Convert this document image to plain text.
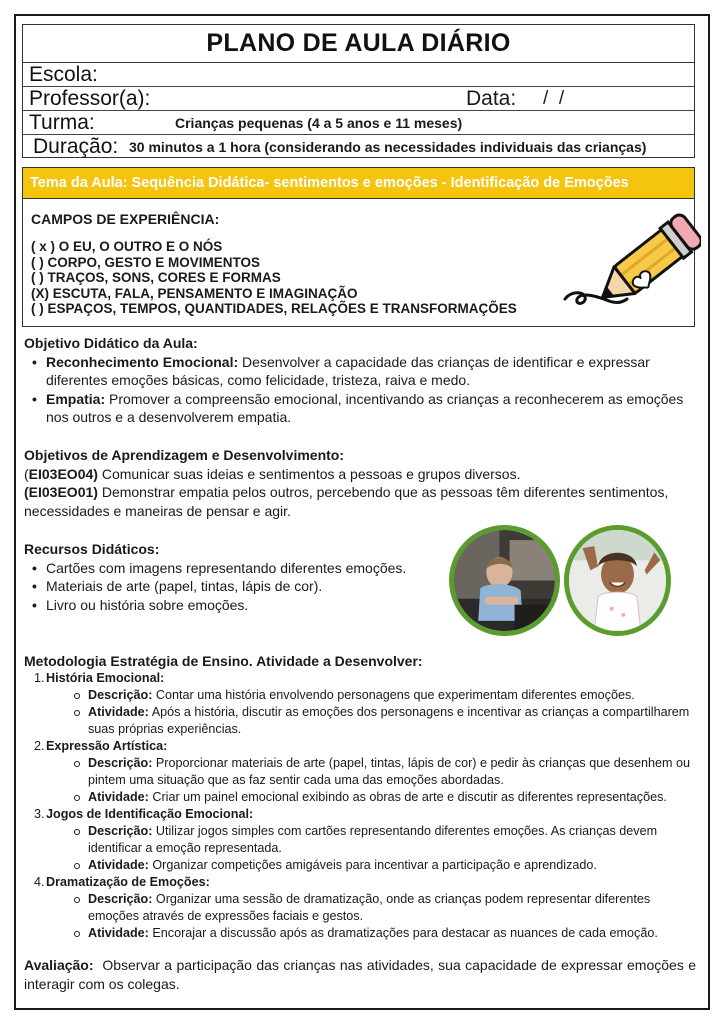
PLANO DE AULA DIÁRIO
Escola:
Professor(a):	Data: /  /
Turma:	Crianças pequenas (4 a 5 anos e 11 meses)
Duração: 30 minutos a 1 hora (considerando as necessidades individuais das crianças)
Tema da Aula: Sequência Didática- sentimentos e emoções - Identificação de Emoções
CAMPOS DE EXPERIÊNCIA:
( x ) O EU, O OUTRO E O NÓS
( ) CORPO, GESTO E MOVIMENTOS
( ) TRAÇOS, SONS, CORES E FORMAS
(X) ESCUTA, FALA, PENSAMENTO E IMAGINAÇÃO
( ) ESPAÇOS, TEMPOS, QUANTIDADES, RELAÇÕES E TRANSFORMAÇÕES
Objetivo Didático da Aula:
• Reconhecimento Emocional: Desenvolver a capacidade das crianças de identificar e expressar diferentes emoções básicas, como felicidade, tristeza, raiva e medo.
• Empatia: Promover a compreensão emocional, incentivando as crianças a reconhecerem as emoções nos outros e a desenvolverem empatia.
Objetivos de Aprendizagem e Desenvolvimento:
(EI03EO04) Comunicar suas ideias e sentimentos a pessoas e grupos diversos.
(EI03EO01) Demonstrar empatia pelos outros, percebendo que as pessoas têm diferentes sentimentos, necessidades e maneiras de pensar e agir.
Recursos Didáticos:
• Cartões com imagens representando diferentes emoções.
• Materiais de arte (papel, tintas, lápis de cor).
• Livro ou história sobre emoções.
Metodologia Estratégia de Ensino. Atividade a Desenvolver:
1. História Emocional:
Descrição: Contar uma história envolvendo personagens que experimentam diferentes emoções.
Atividade: Após a história, discutir as emoções dos personagens e incentivar as crianças a compartilharem suas próprias experiências.
2. Expressão Artística:
Descrição: Proporcionar materiais de arte (papel, tintas, lápis de cor) e pedir às crianças que desenhem ou pintem uma situação que as faz sentir cada uma das emoções abordadas.
Atividade: Criar um painel emocional exibindo as obras de arte e discutir as diferentes representações.
3. Jogos de Identificação Emocional:
Descrição: Utilizar jogos simples com cartões representando diferentes emoções. As crianças devem identificar a emoção representada.
Atividade: Organizar competições amigáveis para incentivar a participação e aprendizado.
4. Dramatização de Emoções:
Descrição: Organizar uma sessão de dramatização, onde as crianças podem representar diferentes emoções através de expressões faciais e gestos.
Atividade: Encorajar a discussão após as dramatizações para destacar as nuances de cada emoção.
Avaliação:  Observar a participação das crianças nas atividades, sua capacidade de expressar emoções e interagir com os colegas.
